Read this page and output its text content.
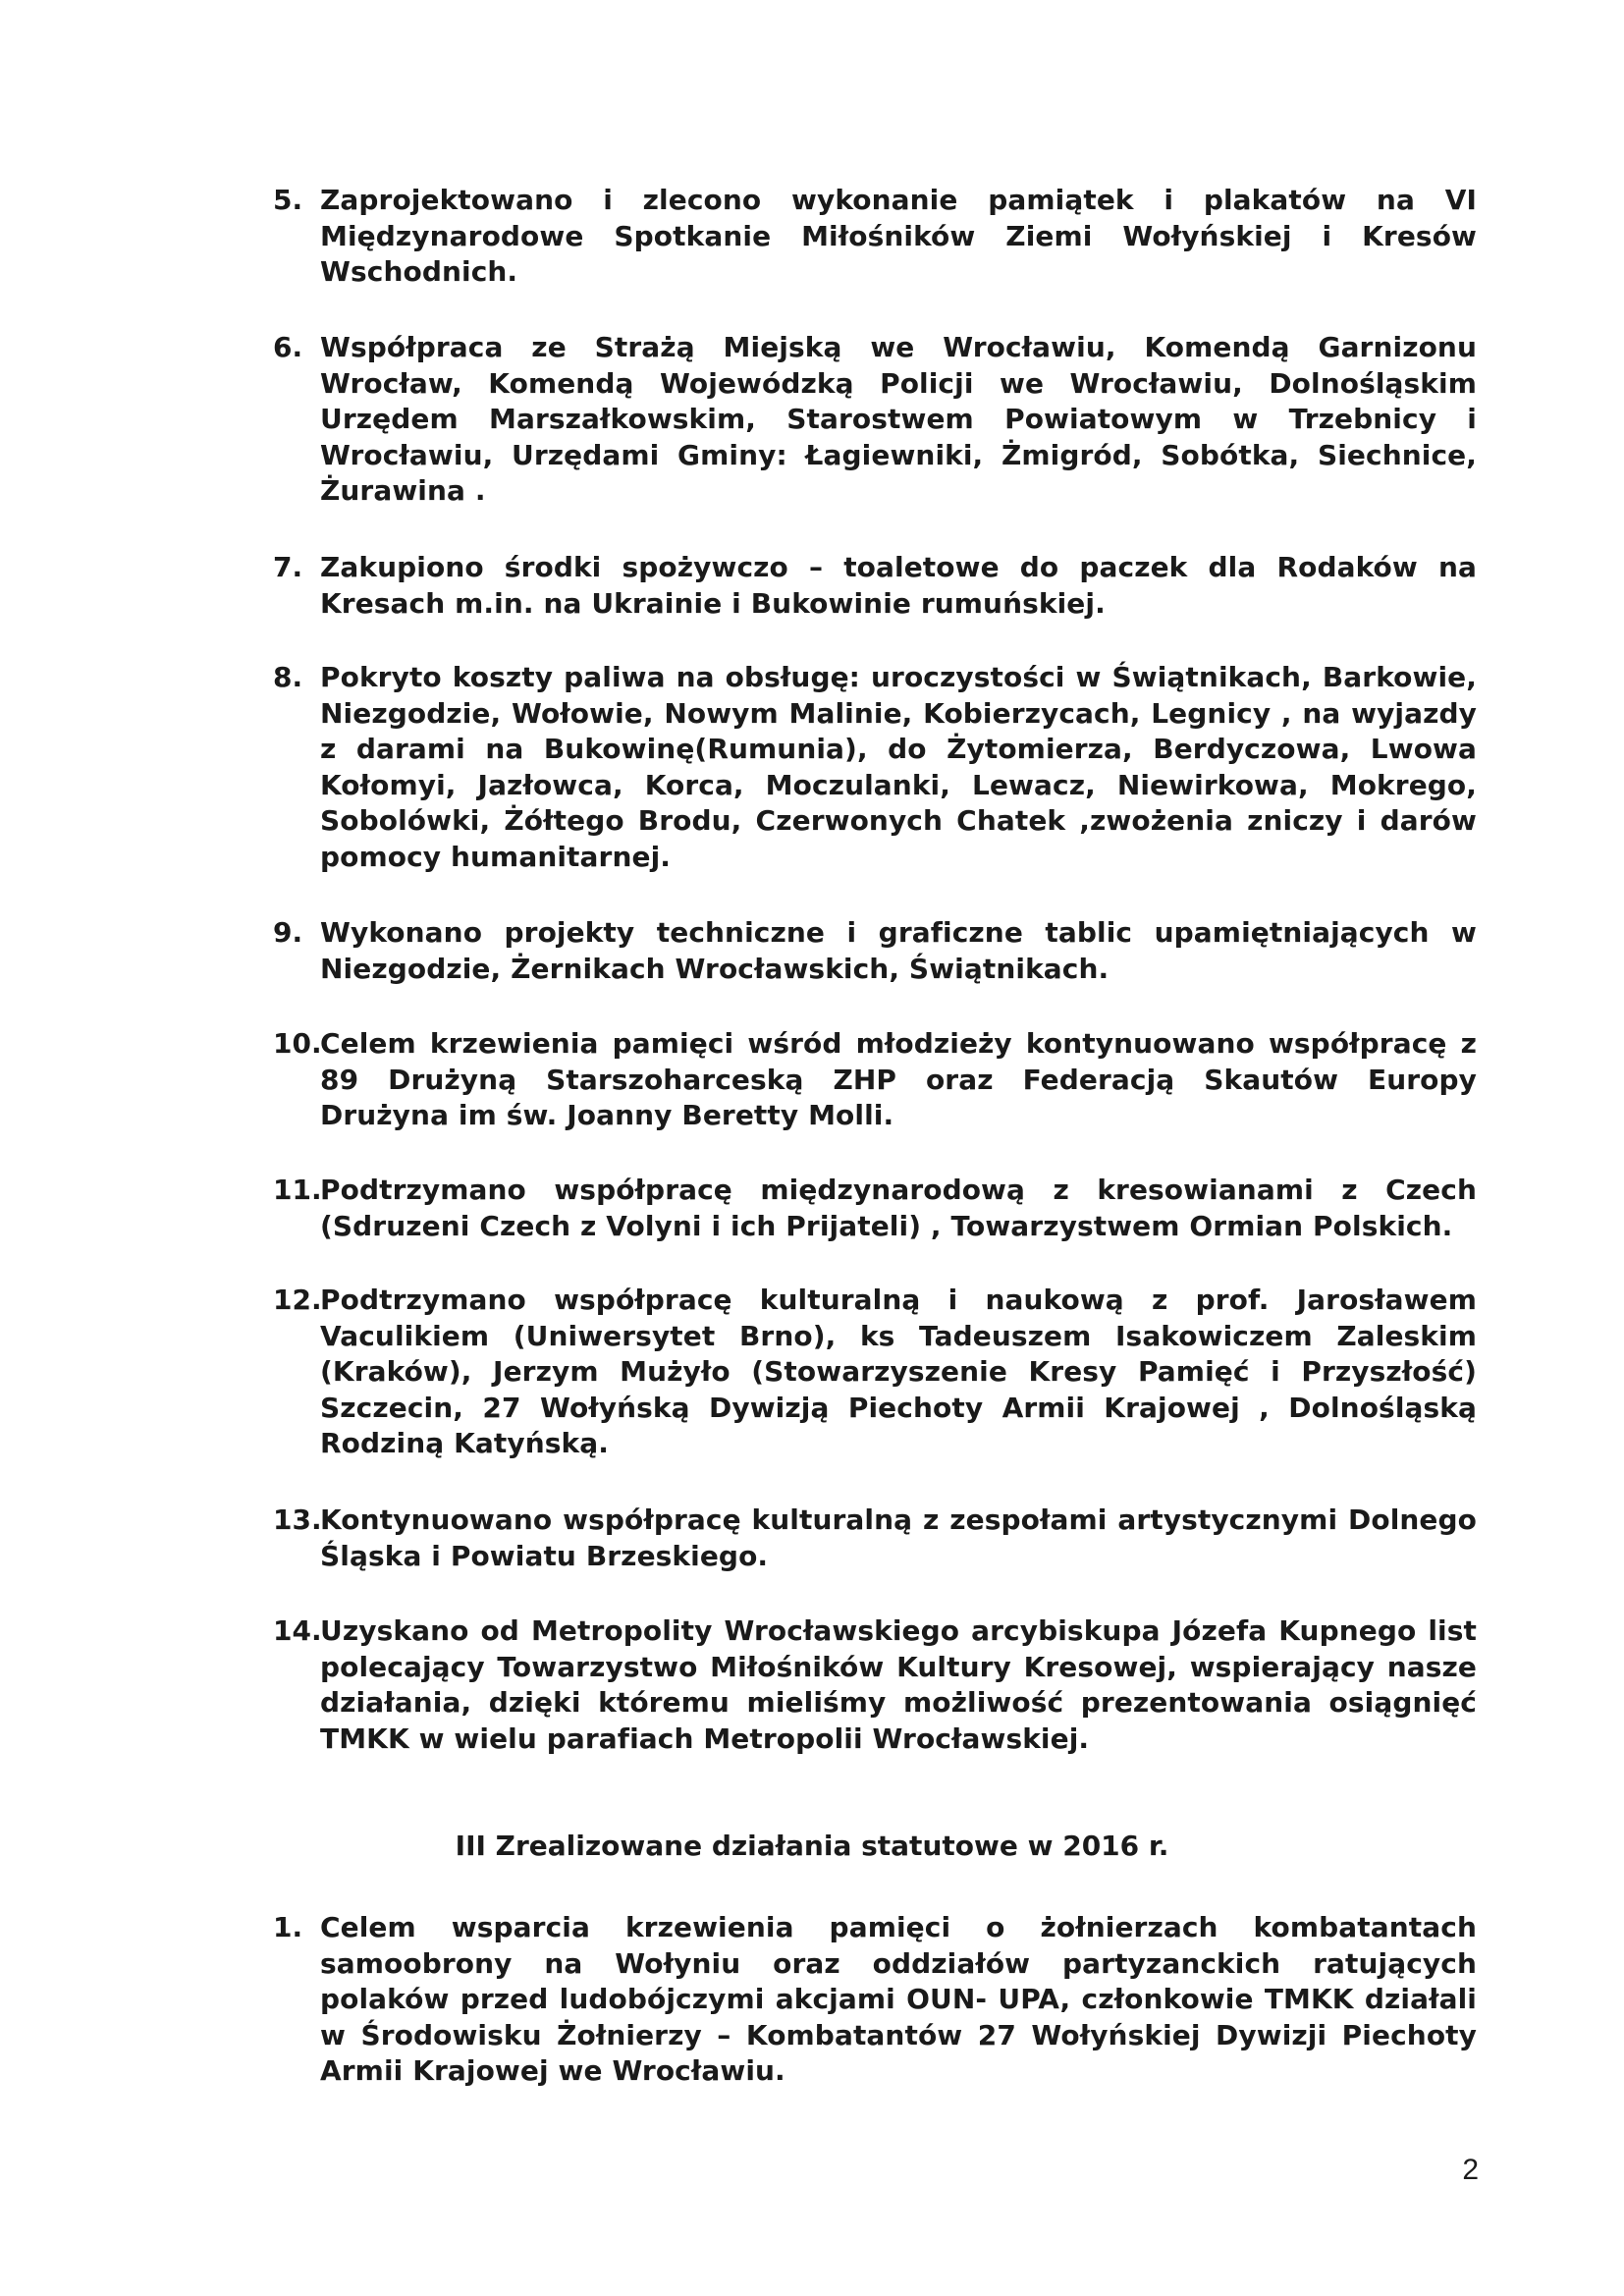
5. Zaprojektowano i zlecono wykonanie pamiątek i plakatów na VI Międzynarodowe Spotkanie Miłośników Ziemi Wołyńskiej i Kresów Wschodnich.
6. Współpraca ze Strażą Miejską we Wrocławiu, Komendą Garnizonu Wrocław, Komendą Wojewódzką Policji we Wrocławiu, Dolnośląskim Urzędem Marszałkowskim, Starostwem Powiatowym w Trzebnicy i Wrocławiu, Urzędami Gminy: Łagiewniki, Żmigród, Sobótka, Siechnice, Żurawina .
7. Zakupiono środki spożywczo – toaletowe do paczek dla Rodaków na Kresach m.in. na Ukrainie i Bukowinie rumuńskiej.
8. Pokryto koszty paliwa na obsługę: uroczystości w Świątnikach, Barkowie, Niezgodzie, Wołowie, Nowym Malinie, Kobierzycach, Legnicy , na wyjazdy z darami na Bukowinę(Rumunia), do Żytomierza, Berdyczowa, Lwowa Kołomyi, Jazłowca, Korca, Moczulanki, Lewacz, Niewirkowa, Mokrego, Sobolówki, Żółtego Brodu, Czerwonych Chatek ,zwożenia zniczy i darów pomocy humanitarnej.
9. Wykonano projekty techniczne i graficzne tablic upamiętniających w Niezgodzie, Żernikach Wrocławskich, Świątnikach.
10.
Celem krzewienia pamięci wśród młodzieży kontynuowano współpracę z 89 Drużyną Starszoharceską ZHP oraz Federacją Skautów Europy Drużyna im św. Joanny Beretty Molli.
11.
Podtrzymano współpracę międzynarodową z kresowianami z Czech (Sdruzeni Czech z Volyni i ich Prijateli) , Towarzystwem Ormian Polskich.
12.
Podtrzymano współpracę kulturalną i naukową z prof. Jarosławem Vaculikiem (Uniwersytet Brno), ks Tadeuszem Isakowiczem Zaleskim (Kraków), Jerzym Mużyło (Stowarzyszenie Kresy Pamięć i Przyszłość) Szczecin, 27 Wołyńską Dywizją Piechoty Armii Krajowej , Dolnośląską Rodziną Katyńską.
13.
Kontynuowano współpracę kulturalną z zespołami artystycznymi Dolnego Śląska i Powiatu Brzeskiego.
14.
Uzyskano od Metropolity Wrocławskiego arcybiskupa Józefa Kupnego list polecający Towarzystwo Miłośników Kultury Kresowej, wspierający nasze działania, dzięki któremu mieliśmy możliwość prezentowania osiągnięć TMKK w wielu parafiach Metropolii Wrocławskiej.
III Zrealizowane działania statutowe w 2016 r.
1. Celem wsparcia krzewienia pamięci o żołnierzach kombatantach samoobrony na Wołyniu oraz oddziałów partyzanckich ratujących polaków przed ludobójczymi akcjami OUN- UPA, członkowie TMKK działali w Środowisku Żołnierzy – Kombatantów 27 Wołyńskiej Dywizji Piechoty Armii Krajowej we Wrocławiu.
2
